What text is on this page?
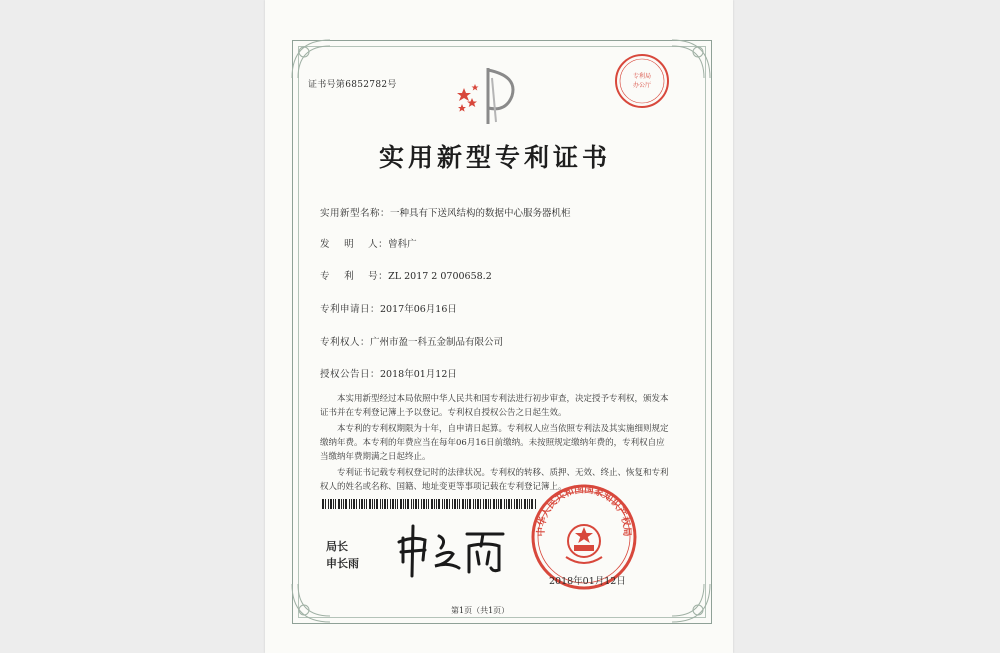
证书号第6852782号
专利局
办公厅
实用新型专利证书
实用新型名称：一种具有下送风结构的数据中心服务器机柜
发    明    人：曾科广
专    利    号：ZL 2017 2 0700658.2
专利申请日：2017年06月16日
专利权人：广州市盈一科五金制品有限公司
授权公告日：2018年01月12日

本实用新型经过本局依照中华人民共和国专利法进行初步审查，决定授予专利权，颁发本证书并在专利登记簿上予以登记。专利权自授权公告之日起生效。

本专利的专利权期限为十年，自申请日起算。专利权人应当依照专利法及其实施细则规定缴纳年费。本专利的年费应当在每年06月16日前缴纳。未按照规定缴纳年费的，专利权自应当缴纳年费期满之日起终止。

专利证书记载专利权登记时的法律状况。专利权的转移、质押、无效、终止、恢复和专利权人的姓名或名称、国籍、地址变更等事项记载在专利登记簿上。

局长
申长雨
中华人民共和国国家知识产权局
2018年01月12日
第1页（共1页）
